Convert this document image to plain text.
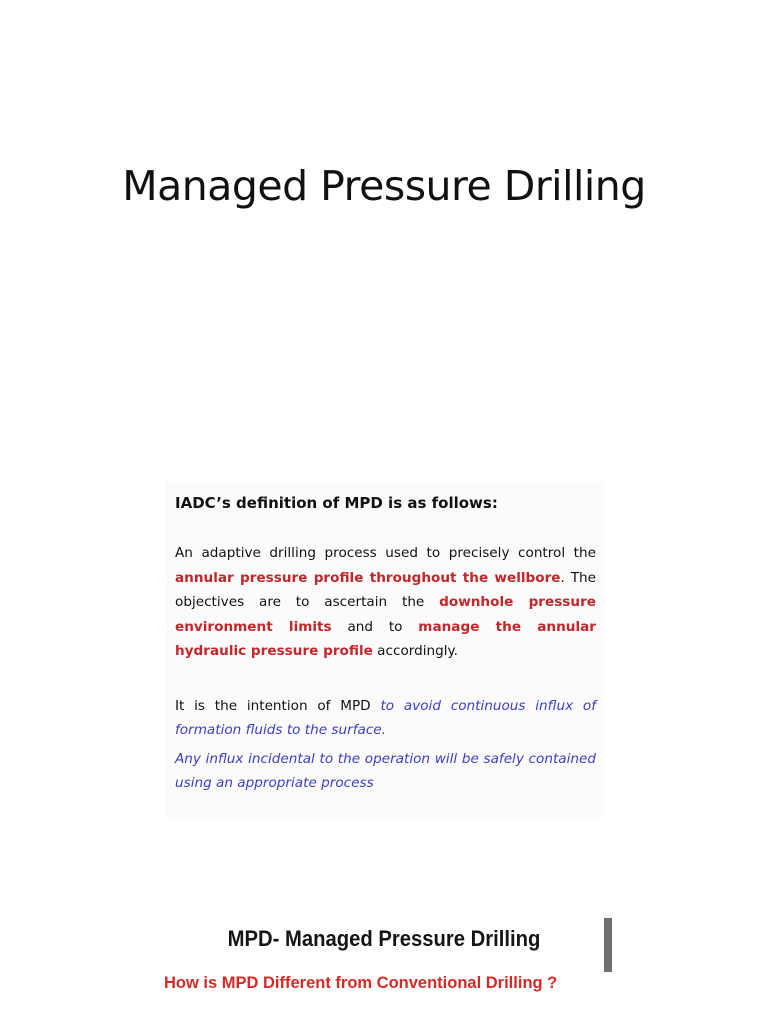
Managed Pressure Drilling

IADC’s definition of MPD is as follows:

An adaptive drilling process used to precisely control the annular pressure profile throughout the wellbore. The objectives are to ascertain the downhole pressure environment limits and to manage the annular hydraulic pressure profile accordingly.

It is the intention of MPD to avoid continuous influx of formation fluids to the surface.

Any influx incidental to the operation will be safely contained using an appropriate process

MPD- Managed Pressure Drilling
How is MPD Different from Conventional Drilling ?
